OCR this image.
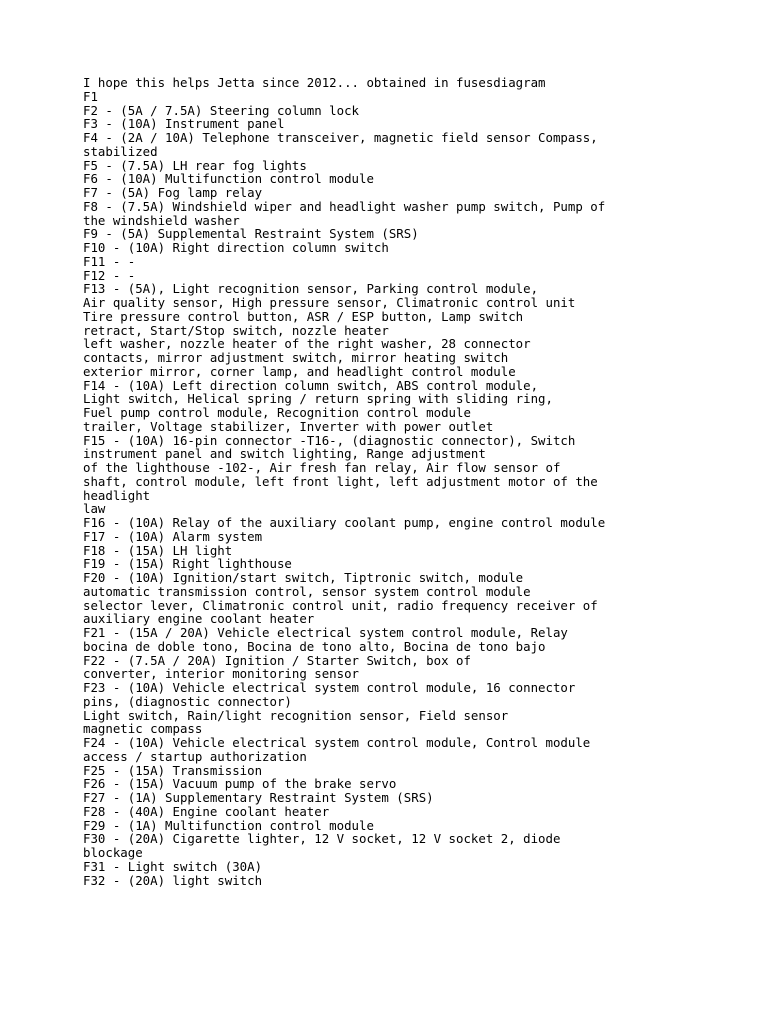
I hope this helps Jetta since 2012... obtained in fusesdiagram
F1
F2 - (5A / 7.5A) Steering column lock
F3 - (10A) Instrument panel
F4 - (2A / 10A) Telephone transceiver, magnetic field sensor Compass,
stabilized
F5 - (7.5A) LH rear fog lights
F6 - (10A) Multifunction control module
F7 - (5A) Fog lamp relay
F8 - (7.5A) Windshield wiper and headlight washer pump switch, Pump of
the windshield washer
F9 - (5A) Supplemental Restraint System (SRS)
F10 - (10A) Right direction column switch
F11 - -
F12 - -
F13 - (5A), Light recognition sensor, Parking control module,
Air quality sensor, High pressure sensor, Climatronic control unit
Tire pressure control button, ASR / ESP button, Lamp switch
retract, Start/Stop switch, nozzle heater
left washer, nozzle heater of the right washer, 28 connector
contacts, mirror adjustment switch, mirror heating switch
exterior mirror, corner lamp, and headlight control module
F14 - (10A) Left direction column switch, ABS control module,
Light switch, Helical spring / return spring with sliding ring,
Fuel pump control module, Recognition control module
trailer, Voltage stabilizer, Inverter with power outlet
F15 - (10A) 16-pin connector -T16-, (diagnostic connector), Switch
instrument panel and switch lighting, Range adjustment
of the lighthouse -102-, Air fresh fan relay, Air flow sensor of
shaft, control module, left front light, left adjustment motor of the
headlight
law
F16 - (10A) Relay of the auxiliary coolant pump, engine control module
F17 - (10A) Alarm system
F18 - (15A) LH light
F19 - (15A) Right lighthouse
F20 - (10A) Ignition/start switch, Tiptronic switch, module
automatic transmission control, sensor system control module
selector lever, Climatronic control unit, radio frequency receiver of
auxiliary engine coolant heater
F21 - (15A / 20A) Vehicle electrical system control module, Relay
bocina de doble tono, Bocina de tono alto, Bocina de tono bajo
F22 - (7.5A / 20A) Ignition / Starter Switch, box of
converter, interior monitoring sensor
F23 - (10A) Vehicle electrical system control module, 16 connector
pins, (diagnostic connector)
Light switch, Rain/light recognition sensor, Field sensor
magnetic compass
F24 - (10A) Vehicle electrical system control module, Control module
access / startup authorization
F25 - (15A) Transmission
F26 - (15A) Vacuum pump of the brake servo
F27 - (1A) Supplementary Restraint System (SRS)
F28 - (40A) Engine coolant heater
F29 - (1A) Multifunction control module
F30 - (20A) Cigarette lighter, 12 V socket, 12 V socket 2, diode
blockage
F31 - Light switch (30A)
F32 - (20A) light switch
